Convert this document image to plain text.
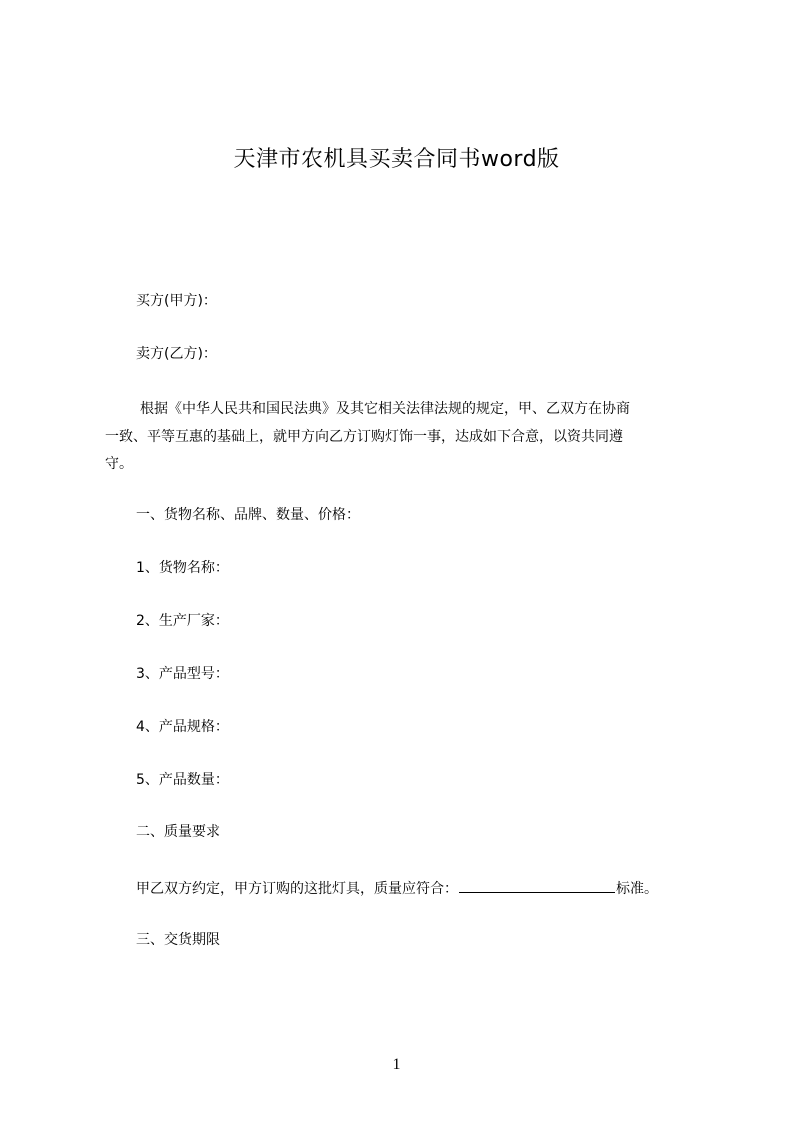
天津市农机具买卖合同书word版
买方(甲方)：
卖方(乙方)：
根据《中华人民共和国民法典》及其它相关法律法规的规定，甲、乙双方在协商
一致、平等互惠的基础上，就甲方向乙方订购灯饰一事，达成如下合意，以资共同遵
守。
一、货物名称、品牌、数量、价格：
1、货物名称：
2、生产厂家：
3、产品型号：
4、产品规格：
5、产品数量：
二、质量要求
甲乙双方约定，甲方订购的这批灯具，质量应符合：	标准。
三、交货期限
1
